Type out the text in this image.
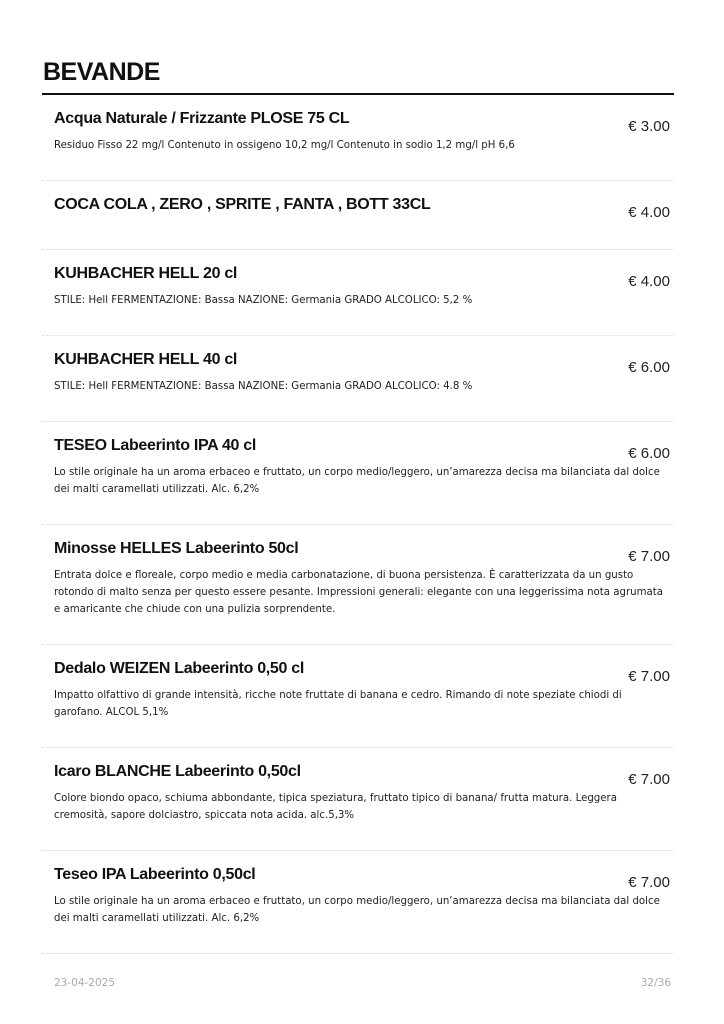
BEVANDE
Acqua Naturale / Frizzante PLOSE 75 CL	€ 3.00
Residuo Fisso 22 mg/l Contenuto in ossigeno 10,2 mg/l Contenuto in sodio 1,2 mg/l pH 6,6
COCA COLA , ZERO , SPRITE , FANTA , BOTT 33CL	€ 4.00
KUHBACHER HELL 20 cl	€ 4.00
STILE: Hell FERMENTAZIONE: Bassa NAZIONE: Germania GRADO ALCOLICO: 5,2 %
KUHBACHER HELL 40 cl	€ 6.00
STILE: Hell FERMENTAZIONE: Bassa NAZIONE: Germania GRADO ALCOLICO: 4.8 %
TESEO Labeerinto IPA 40 cl	€ 6.00
Lo stile originale ha un aroma erbaceo e fruttato, un corpo medio/leggero, un’amarezza decisa ma bilanciata dal dolce dei malti caramellati utilizzati. Alc. 6,2%
Minosse HELLES Labeerinto 50cl	€ 7.00
Entrata dolce e floreale, corpo medio e media carbonatazione, di buona persistenza. È caratterizzata da un gusto rotondo di malto senza per questo essere pesante. Impressioni generali: elegante con una leggerissima nota agrumata e amaricante che chiude con una pulizia sorprendente.
Dedalo WEIZEN Labeerinto 0,50 cl	€ 7.00
Impatto olfattivo di grande intensità, ricche note fruttate di banana e cedro. Rimando di note speziate chiodi di garofano. ALCOL 5,1%
Icaro BLANCHE Labeerinto 0,50cl	€ 7.00
Colore biondo opaco, schiuma abbondante, tipica speziatura, fruttato tipico di banana/ frutta matura. Leggera cremosità, sapore dolciastro, spiccata nota acida. alc.5,3%
Teseo IPA Labeerinto 0,50cl	€ 7.00
Lo stile originale ha un aroma erbaceo e fruttato, un corpo medio/leggero, un’amarezza decisa ma bilanciata dal dolce dei malti caramellati utilizzati. Alc. 6,2%
23-04-2025	32/36
